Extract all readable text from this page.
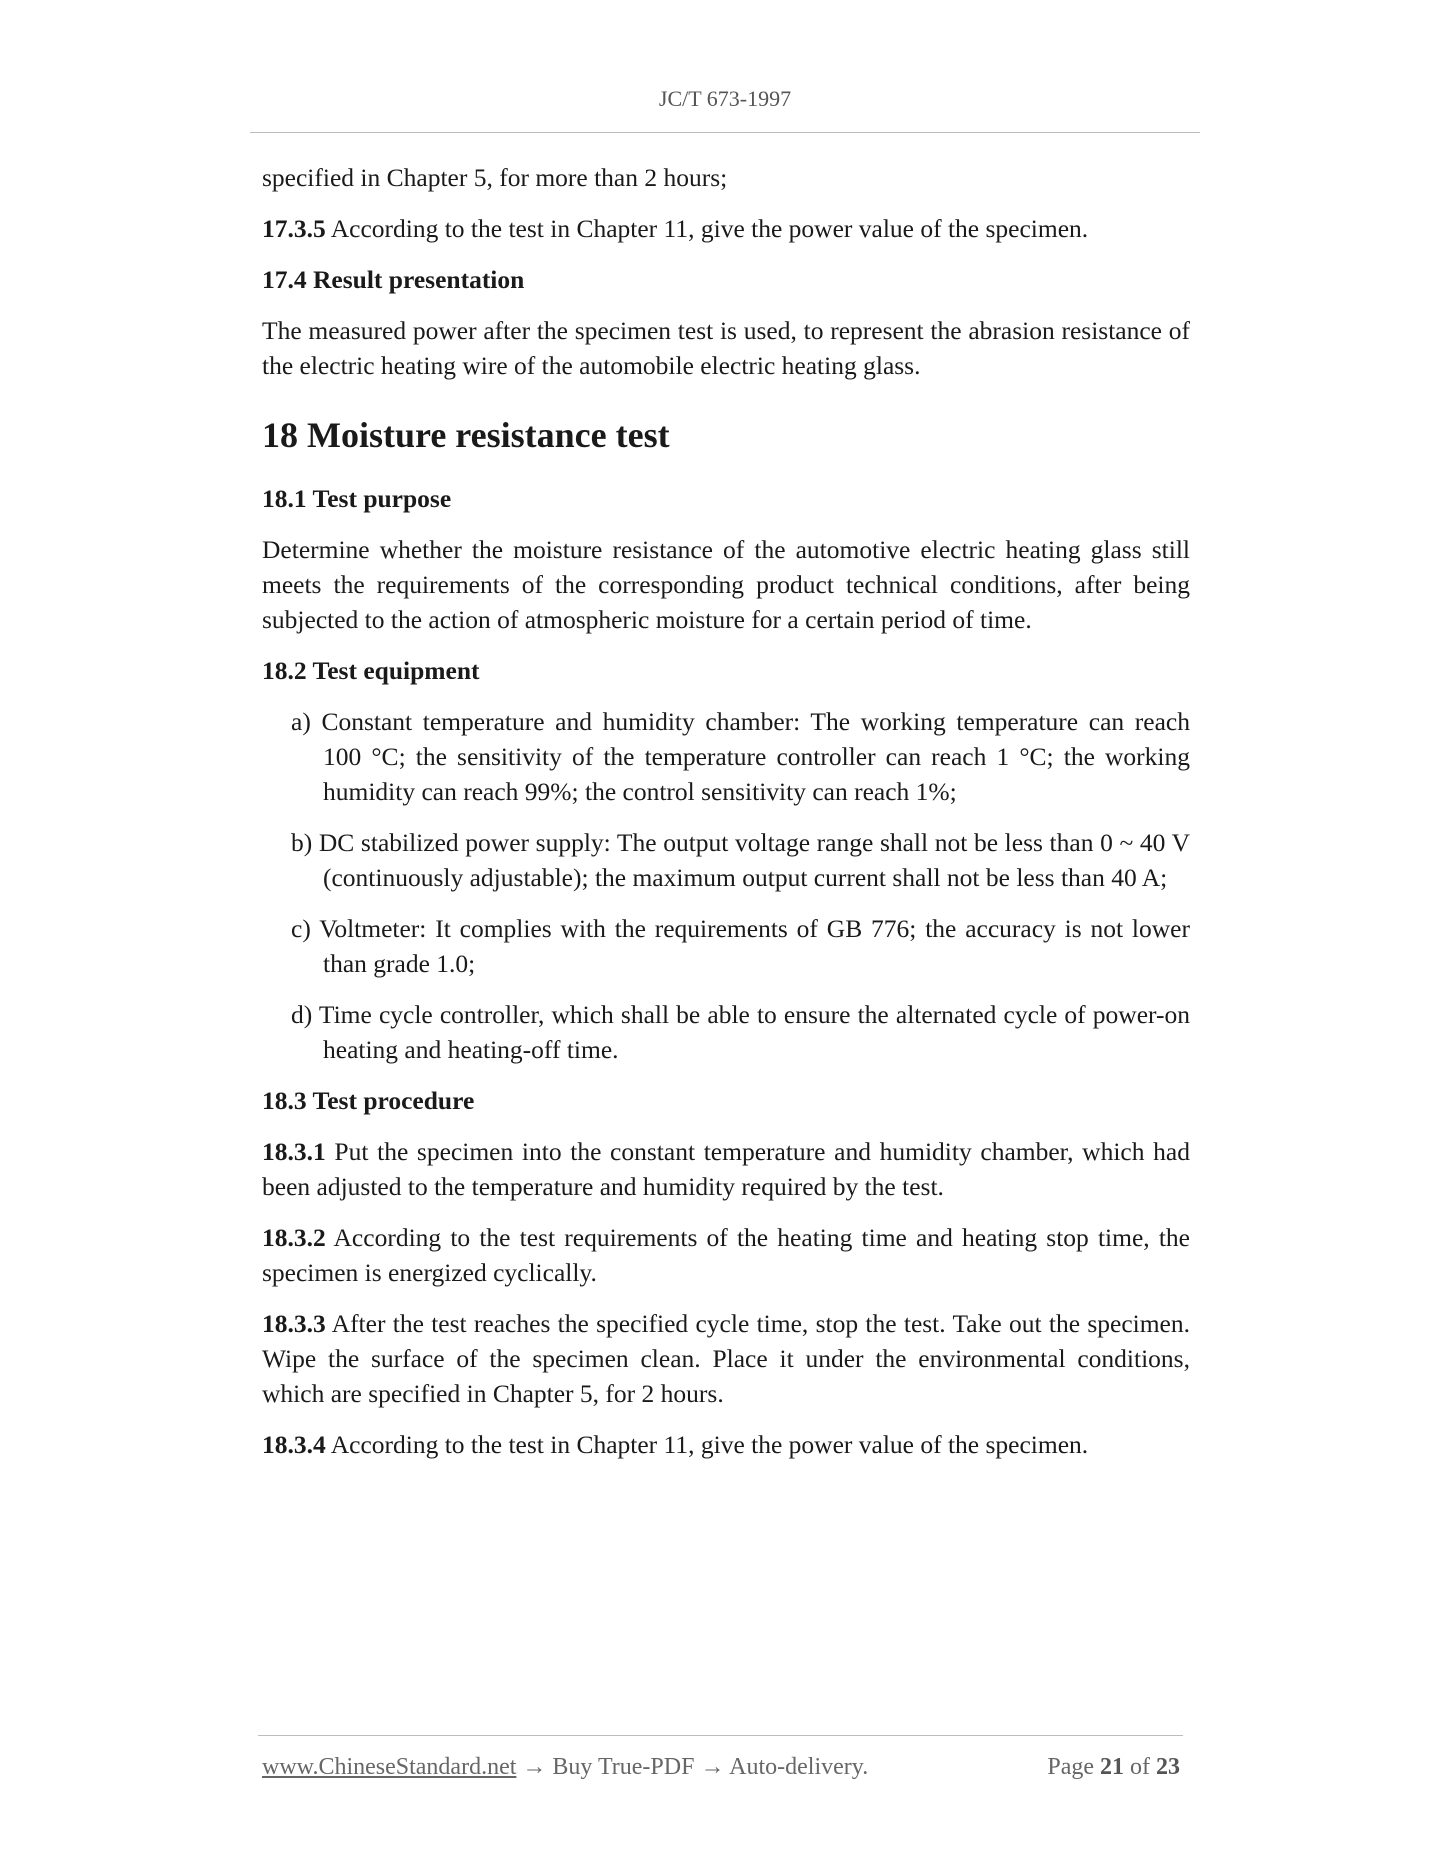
JC/T 673-1997

specified in Chapter 5, for more than 2 hours;

17.3.5 According to the test in Chapter 11, give the power value of the specimen.

17.4 Result presentation

The measured power after the specimen test is used, to represent the abrasion resistance of the electric heating wire of the automobile electric heating glass.

18 Moisture resistance test

18.1 Test purpose

Determine whether the moisture resistance of the automotive electric heating glass still meets the requirements of the corresponding product technical conditions, after being subjected to the action of atmospheric moisture for a certain period of time.

18.2 Test equipment

a) Constant temperature and humidity chamber: The working temperature can reach 100 °C; the sensitivity of the temperature controller can reach 1 °C; the working humidity can reach 99%; the control sensitivity can reach 1%;

b) DC stabilized power supply: The output voltage range shall not be less than 0 ~ 40 V (continuously adjustable); the maximum output current shall not be less than 40 A;

c) Voltmeter: It complies with the requirements of GB 776; the accuracy is not lower than grade 1.0;

d) Time cycle controller, which shall be able to ensure the alternated cycle of power-on heating and heating-off time.

18.3 Test procedure

18.3.1 Put the specimen into the constant temperature and humidity chamber, which had been adjusted to the temperature and humidity required by the test.

18.3.2 According to the test requirements of the heating time and heating stop time, the specimen is energized cyclically.

18.3.3 After the test reaches the specified cycle time, stop the test. Take out the specimen. Wipe the surface of the specimen clean. Place it under the environmental conditions, which are specified in Chapter 5, for 2 hours.

18.3.4 According to the test in Chapter 11, give the power value of the specimen.

www.ChineseStandard.net → Buy True-PDF → Auto-delivery.	Page 21 of 23
